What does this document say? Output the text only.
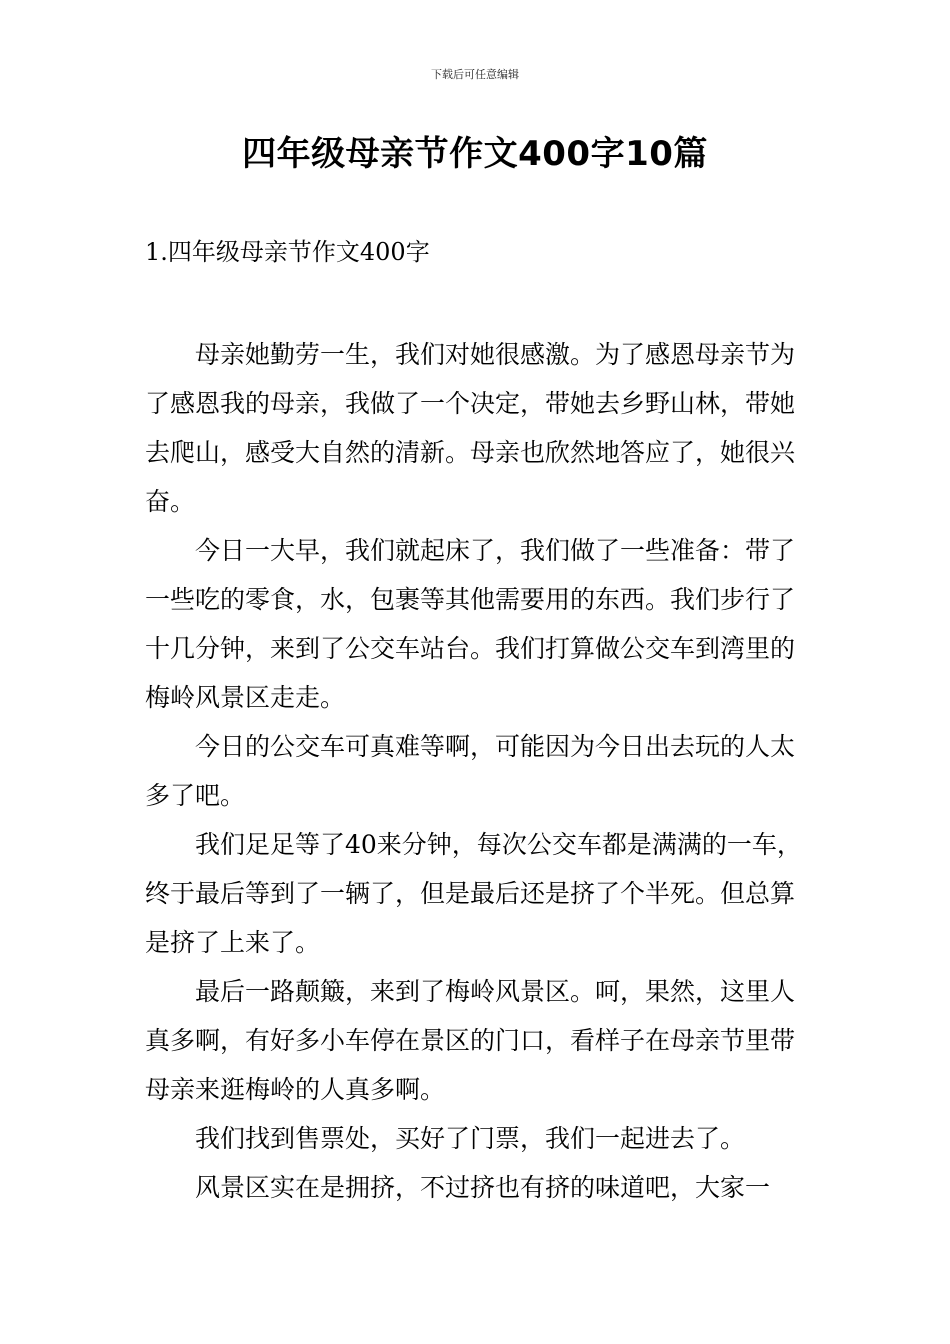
下载后可任意编辑
四年级母亲节作文400字10篇
1.四年级母亲节作文400字

母亲她勤劳一生，我们对她很感激。为了感恩母亲节为了感恩我的母亲，我做了一个决定，带她去乡野山林，带她去爬山，感受大自然的清新。母亲也欣然地答应了，她很兴奋。

今日一大早，我们就起床了，我们做了一些准备：带了一些吃的零食，水，包裹等其他需要用的东西。我们步行了十几分钟，来到了公交车站台。我们打算做公交车到湾里的梅岭风景区走走。

今日的公交车可真难等啊，可能因为今日出去玩的人太多了吧。

我们足足等了40来分钟，每次公交车都是满满的一车，终于最后等到了一辆了，但是最后还是挤了个半死。但总算是挤了上来了。

最后一路颠簸，来到了梅岭风景区。呵，果然，这里人真多啊，有好多小车停在景区的门口，看样子在母亲节里带母亲来逛梅岭的人真多啊。

我们找到售票处，买好了门票，我们一起进去了。

风景区实在是拥挤，不过挤也有挤的味道吧，大家一
